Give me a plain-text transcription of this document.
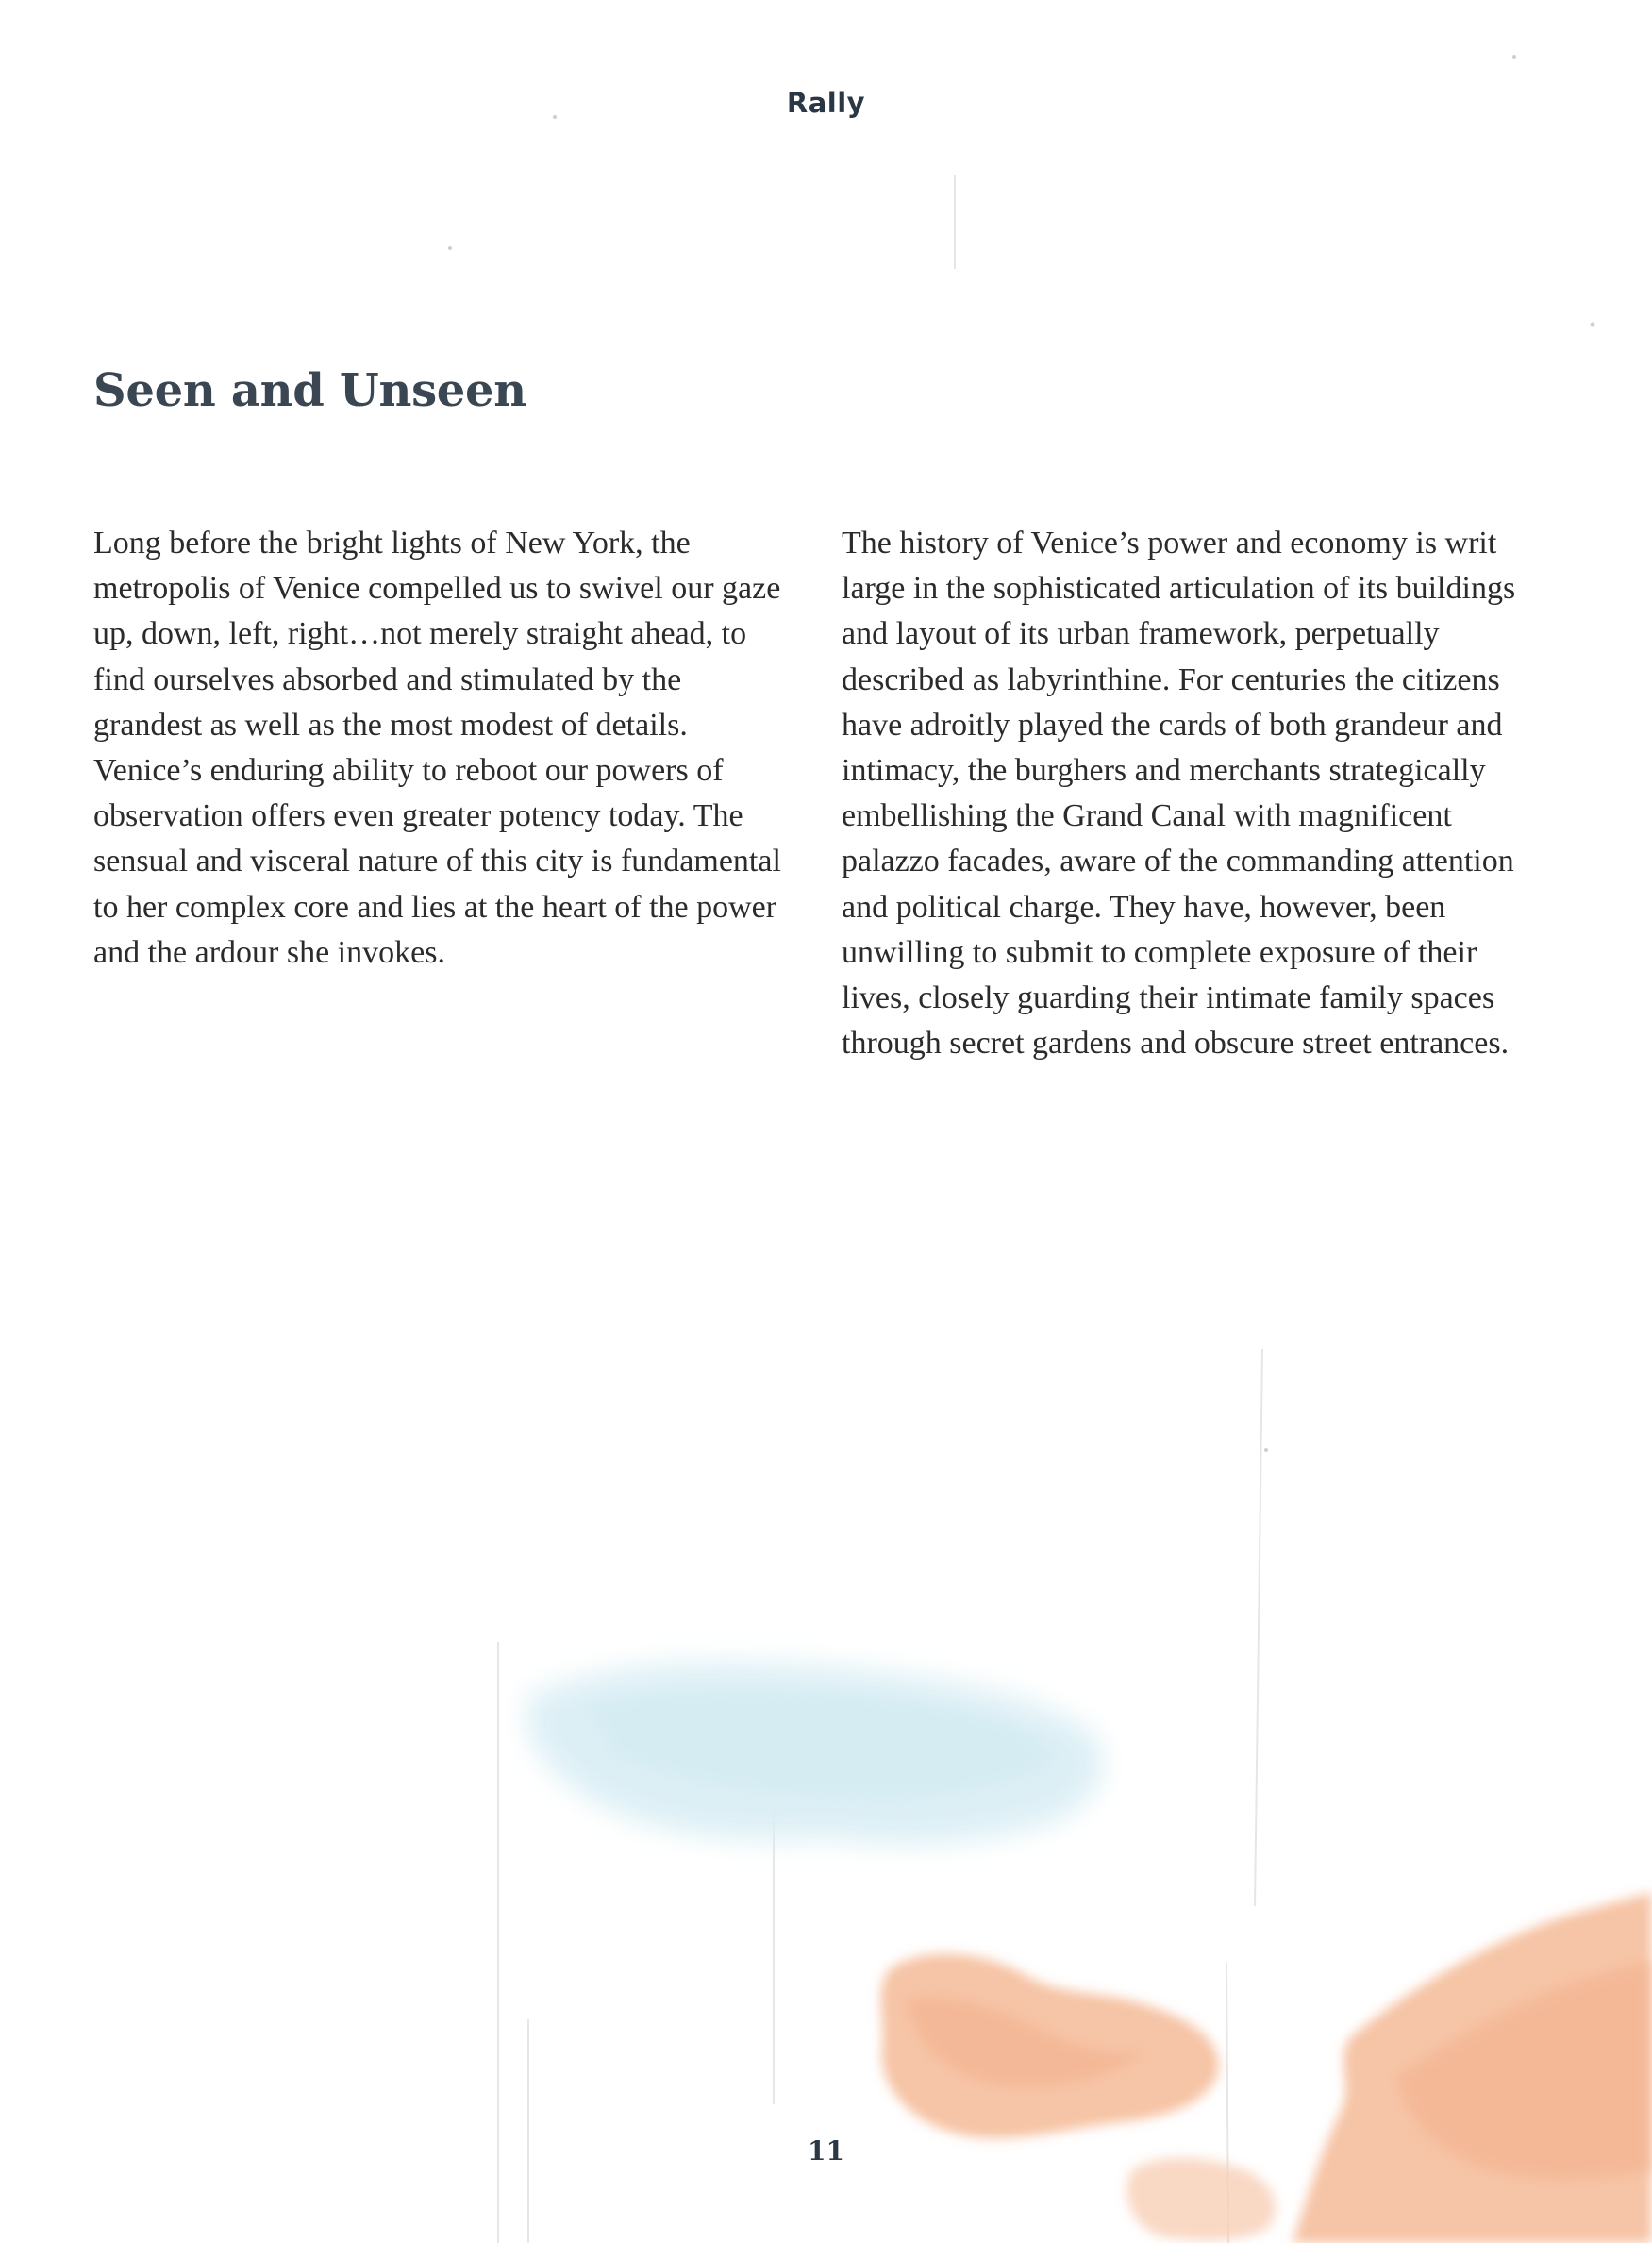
Rally
Seen and Unseen

Long before the bright lights of New York, the metropolis of Venice compelled us to swivel our gaze up, down, left, right…not merely straight ahead, to find ourselves absorbed and stimulated by the grandest as well as the most modest of details. Venice’s enduring ability to reboot our powers of observation offers even greater potency today. The sensual and visceral nature of this city is fundamental to her complex core and lies at the heart of the power and the ardour she invokes.

The history of Venice’s power and economy is writ large in the sophisticated articulation of its buildings and layout of its urban framework, perpetually described as labyrinthine. For centuries the citizens have adroitly played the cards of both grandeur and intimacy, the burghers and merchants strategically embellishing the Grand Canal with magnificent palazzo facades, aware of the commanding attention and political charge. They have, however, been unwilling to submit to complete exposure of their lives, closely guarding their intimate family spaces through secret gardens and obscure street entrances.

11
